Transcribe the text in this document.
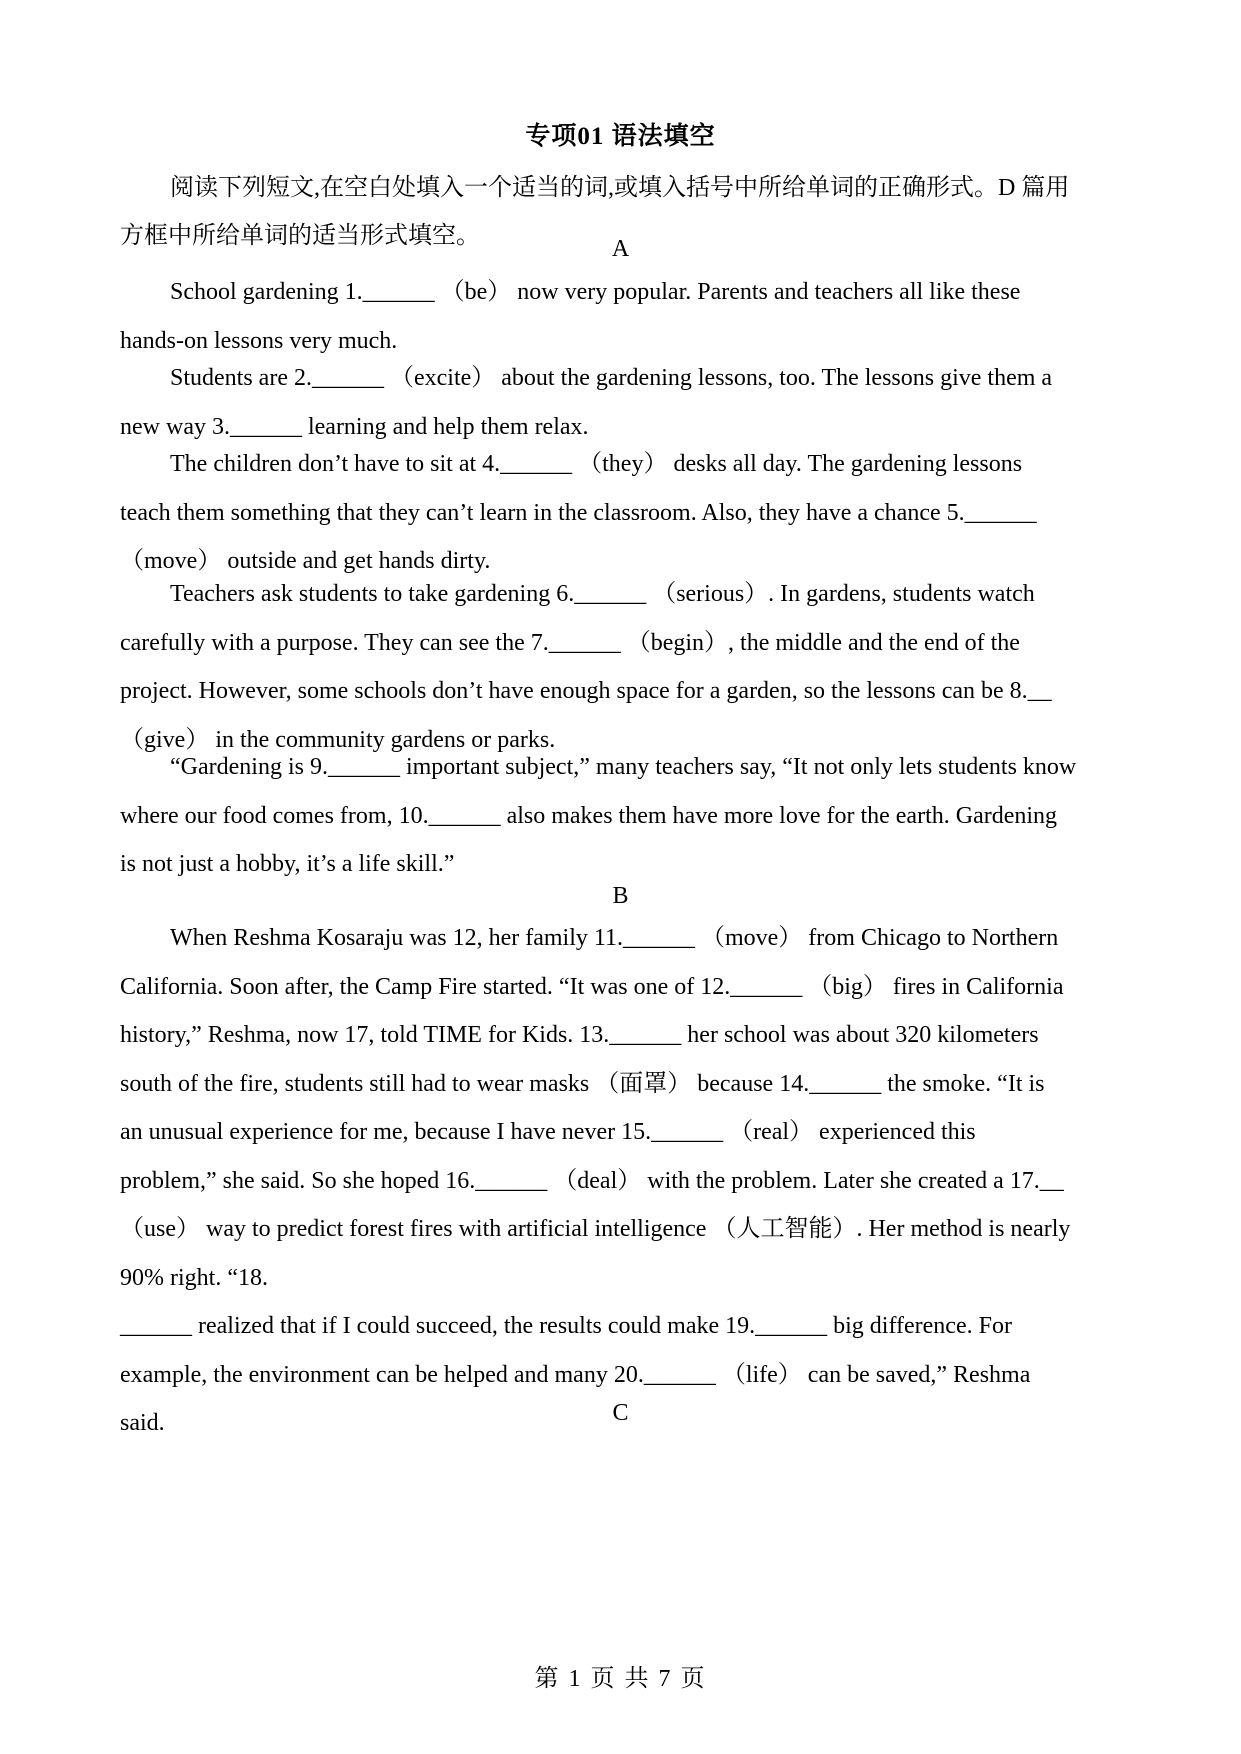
专项01 语法填空
阅读下列短文,在空白处填入一个适当的词,或填入括号中所给单词的正确形式。D 篇用
方框中所给单词的适当形式填空。	A
School gardening 1.______ （be） now very popular. Parents and teachers all like these
hands-on lessons very much.
Students are 2.______ （excite） about the gardening lessons, too. The lessons give them a
new way 3.______ learning and help them relax.
The children don’t have to sit at 4.______ （they） desks all day. The gardening lessons
teach them something that they can’t learn in the classroom. Also, they have a chance 5.______
（move） outside and get hands dirty.
Teachers ask students to take gardening 6.______ （serious）. In gardens, students watch
carefully with a purpose. They can see the 7.______ （begin）, the middle and the end of the
project. However, some schools don’t have enough space for a garden, so the lessons can be 8.__
（give） in the community gardens or parks.
“Gardening is 9.______ important subject,” many teachers say, “It not only lets students know
where our food comes from, 10.______ also makes them have more love for the earth. Gardening
is not just a hobby, it’s a life skill.”
B
When Reshma Kosaraju was 12, her family 11.______ （move） from Chicago to Northern
California. Soon after, the Camp Fire started. “It was one of 12.______ （big） fires in California
history,” Reshma, now 17, told TIME for Kids. 13.______ her school was about 320 kilometers
south of the fire, students still had to wear masks （面罩） because 14.______ the smoke. “It is
an unusual experience for me, because I have never 15.______ （real） experienced this
problem,” she said. So she hoped 16.______ （deal） with the problem. Later she created a 17.__
（use） way to predict forest fires with artificial intelligence （人工智能）. Her method is nearly
90% right. “18.
______ realized that if I could succeed, the results could make 19.______ big difference. For
example, the environment can be helped and many 20.______ （life） can be saved,” Reshma
said.	C
第 1 页 共 7 页
